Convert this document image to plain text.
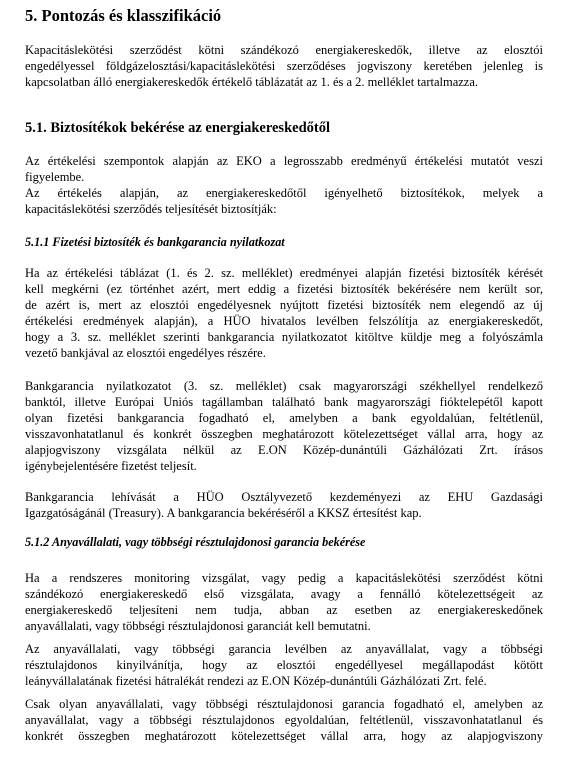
5. Pontozás és klasszifikáció
Kapacitáslekötési szerződést kötni szándékozó energiakereskedők, illetve az elosztói
engedélyessel földgázelosztási/kapacitáslekötési szerződéses jogviszony keretében jelenleg is
kapcsolatban álló energiakereskedők értékelő táblázatát az 1. és a 2. melléklet tartalmazza.
5.1. Biztosítékok bekérése az energiakereskedőtől
Az értékelési szempontok alapján az EKO a legrosszabb eredményű értékelési mutatót veszi
figyelembe.
Az értékelés alapján, az energiakereskedőtől igényelhető biztosítékok, melyek a
kapacitáslekötési szerződés teljesítését biztosítják:
5.1.1 Fizetési biztosíték és bankgarancia nyilatkozat
Ha az értékelési táblázat (1. és 2. sz. melléklet) eredményei alapján fizetési biztosíték kérését
kell megkérni (ez történhet azért, mert eddig a fizetési biztosíték bekérésére nem került sor,
de azért is, mert az elosztói engedélyesnek nyújtott fizetési biztosíték nem elegendő az új
értékelési eredmények alapján), a HÜO hivatalos levélben felszólítja az energiakereskedőt,
hogy a 3. sz. melléklet szerinti bankgarancia nyilatkozatot kitöltve küldje meg a folyószámla
vezető bankjával az elosztói engedélyes részére.
Bankgarancia nyilatkozatot (3. sz. melléklet) csak magyarországi székhellyel rendelkező
banktól, illetve Európai Uniós tagállamban található bank magyarországi fióktelepétől kapott
olyan fizetési bankgarancia fogadható el, amelyben a bank egyoldalúan, feltétlenül,
visszavonhatatlanul és konkrét összegben meghatározott kötelezettséget vállal arra, hogy az
alapjogviszony vizsgálata nélkül az E.ON Közép-dunántúli Gázhálózati Zrt. írásos
igénybejelentésére fizetést teljesít.
Bankgarancia lehívását a HÜO Osztályvezető kezdeményezi az EHU Gazdasági
Igazgatóságánál (Treasury). A bankgarancia bekéréséről a KKSZ értesítést kap.
5.1.2 Anyavállalati, vagy többségi résztulajdonosi garancia bekérése
Ha a rendszeres monitoring vizsgálat, vagy pedig a kapacitáslekötési szerződést kötni
szándékozó energiakereskedő első vizsgálata, avagy a fennálló kötelezettségeit az
energiakereskedő teljesíteni nem tudja, abban az esetben az energiakereskedőnek
anyavállalati, vagy többségi résztulajdonosi garanciát kell bemutatni.
Az anyavállalati, vagy többségi garancia levélben az anyavállalat, vagy a többségi
résztulajdonos kinyilvánítja, hogy az elosztói engedéllyesel megállapodást kötött
leányvállalatának fizetési hátralékát rendezi az E.ON Közép-dunántúli Gázhálózati Zrt. felé.
Csak olyan anyavállalati, vagy többségi résztulajdonosi garancia fogadható el, amelyben az
anyavállalat, vagy a többségi résztulajdonos egyoldalúan, feltétlenül, visszavonhatatlanul és
konkrét összegben meghatározott kötelezettséget vállal arra, hogy az alapjogviszony
